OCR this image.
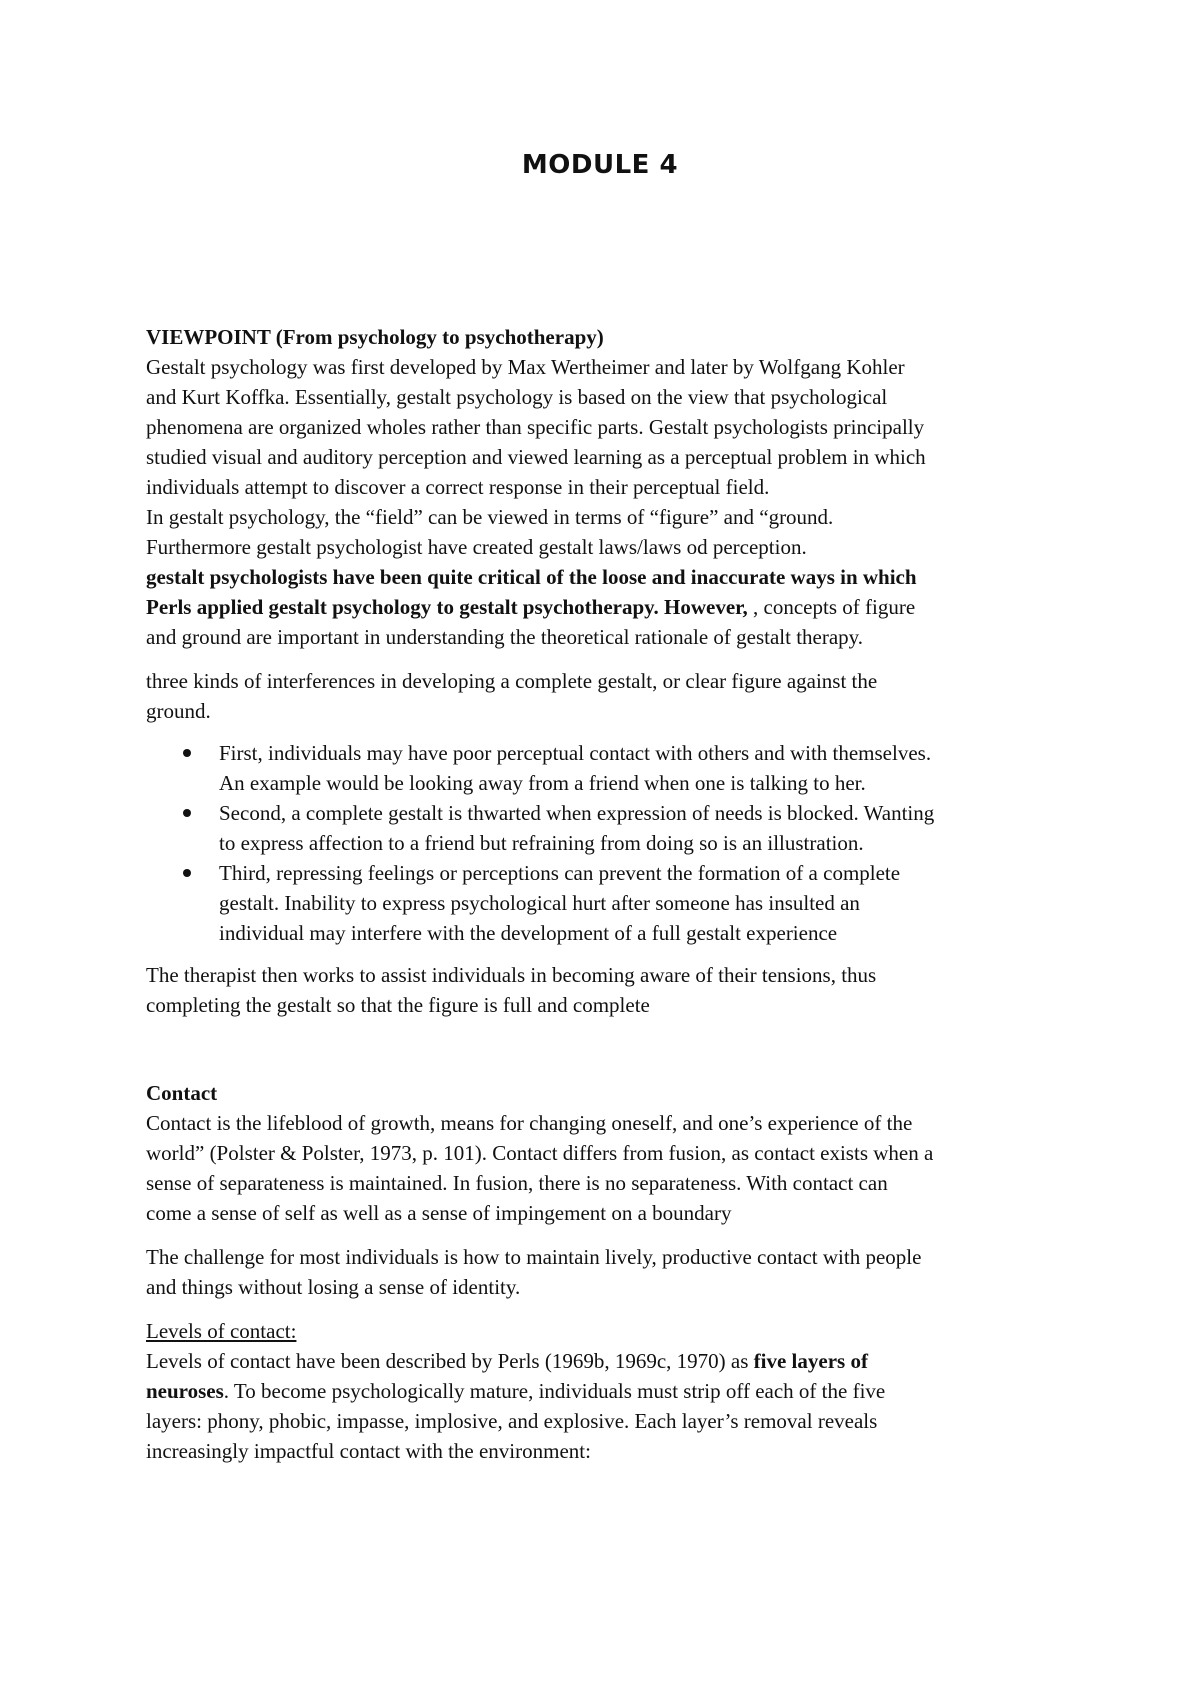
MODULE 4

VIEWPOINT (From psychology to psychotherapy)

Gestalt psychology was first developed by Max Wertheimer and later by Wolfgang Kohler

and Kurt Koffka. Essentially, gestalt psychology is based on the view that psychological

phenomena are organized wholes rather than specific parts. Gestalt psychologists principally

studied visual and auditory perception and viewed learning as a perceptual problem in which

individuals attempt to discover a correct response in their perceptual field.

In gestalt psychology, the “field” can be viewed in terms of “figure” and “ground.

Furthermore gestalt psychologist have created gestalt laws/laws od perception.

gestalt psychologists have been quite critical of the loose and inaccurate ways in which

Perls applied gestalt psychology to gestalt psychotherapy. However, , concepts of figure

and ground are important in understanding the theoretical rationale of gestalt therapy.

three kinds of interferences in developing a complete gestalt, or clear figure against the

ground.

First, individuals may have poor perceptual contact with others and with themselves.

An example would be looking away from a friend when one is talking to her.

Second, a complete gestalt is thwarted when expression of needs is blocked. Wanting

to express affection to a friend but refraining from doing so is an illustration.

Third, repressing feelings or perceptions can prevent the formation of a complete

gestalt. Inability to express psychological hurt after someone has insulted an

individual may interfere with the development of a full gestalt experience

The therapist then works to assist individuals in becoming aware of their tensions, thus

completing the gestalt so that the figure is full and complete

Contact

Contact is the lifeblood of growth, means for changing oneself, and one’s experience of the

world” (Polster & Polster, 1973, p. 101). Contact differs from fusion, as contact exists when a

sense of separateness is maintained. In fusion, there is no separateness. With contact can

come a sense of self as well as a sense of impingement on a boundary

The challenge for most individuals is how to maintain lively, productive contact with people

and things without losing a sense of identity.

Levels of contact:

Levels of contact have been described by Perls (1969b, 1969c, 1970) as five layers of

neuroses. To become psychologically mature, individuals must strip off each of the five

layers: phony, phobic, impasse, implosive, and explosive. Each layer’s removal reveals

increasingly impactful contact with the environment:
